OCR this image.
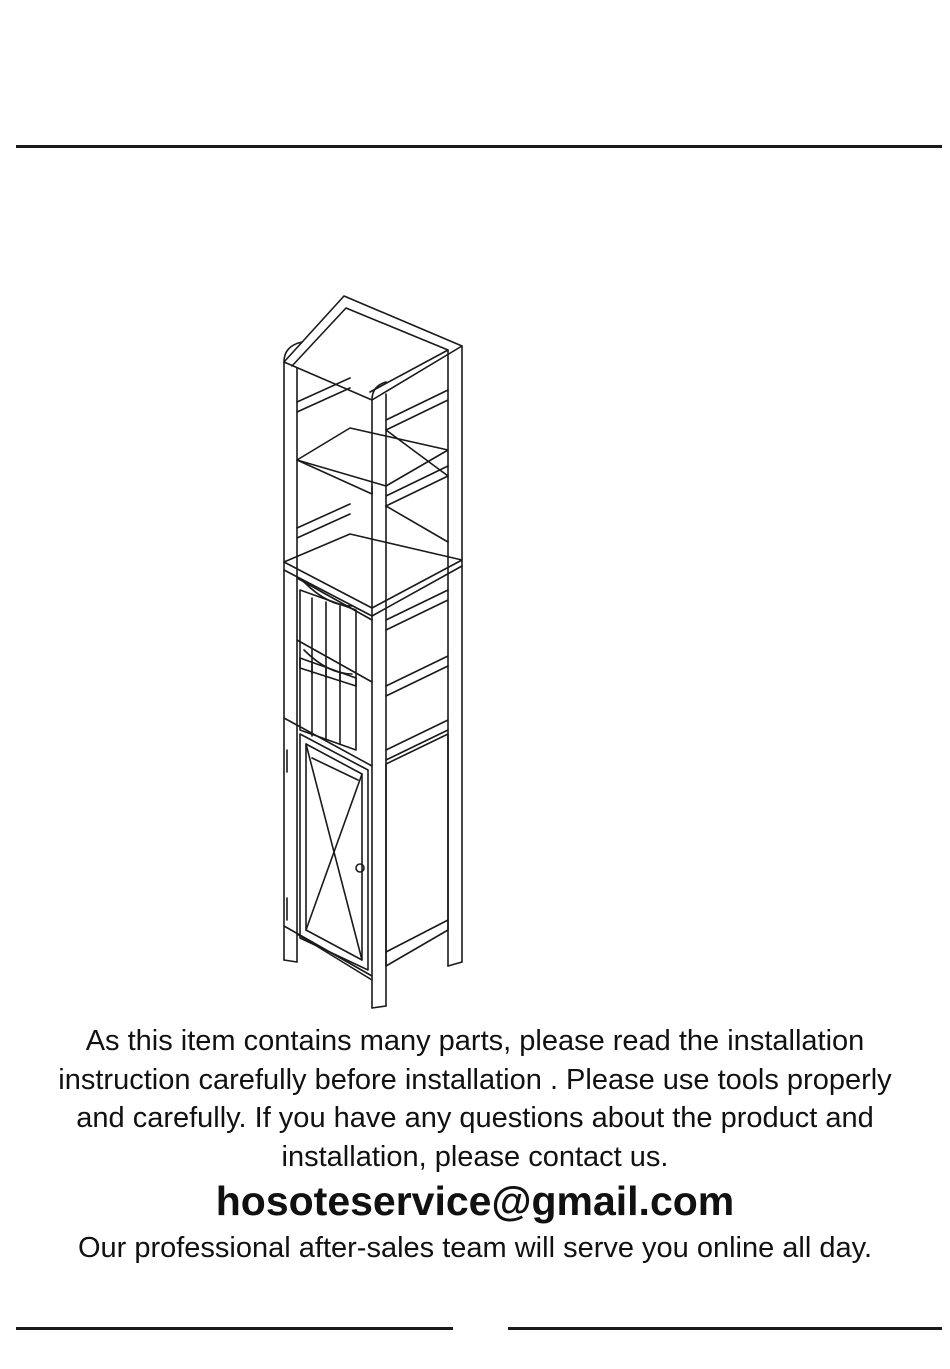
As this item contains many parts, please read the installation instruction carefully before installation . Please use tools properly and carefully. If you have any questions about the product and installation, please contact us.

hosoteservice@gmail.com

Our professional after-sales team will serve you online all day.
